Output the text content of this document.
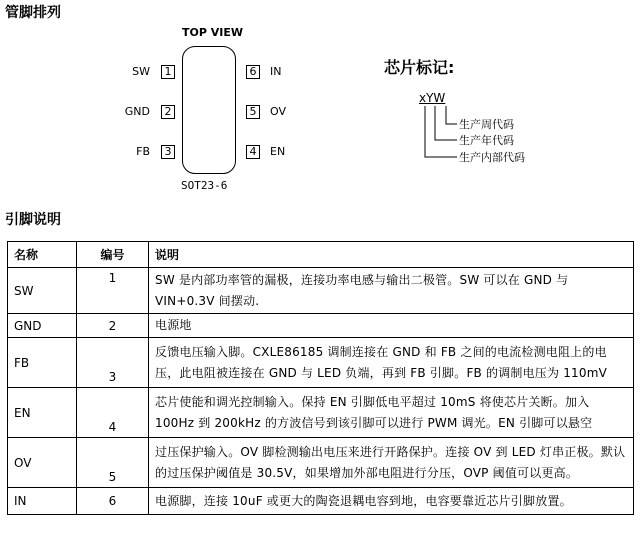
管脚排列
TOP VIEW
SW	1
GND	2
FB	3
6	IN
5	OV
4	EN
SOT23-6
芯片标记:
xYW
生产周代码
生产年代码
生产内部代码
引脚说明
名称	编号	说明
SW	1	SW 是内部功率管的漏极，连接功率电感与输出二极管。SW 可以在 GND 与 VIN+0.3V 间摆动.
GND	2	电源地
FB	3	反馈电压输入脚。CXLE86185 调制连接在 GND 和 FB 之间的电流检测电阻上的电压，此电阻被连接在 GND 与 LED 负端，再到 FB 引脚。FB 的调制电压为 110mV
EN	4	芯片使能和调光控制输入。保持 EN 引脚低电平超过 10mS 将使芯片关断。加入 100Hz 到 200kHz 的方波信号到该引脚可以进行 PWM 调光。EN 引脚可以悬空
OV	5	过压保护输入。OV 脚检测输出电压来进行开路保护。连接 OV 到 LED 灯串正极。默认的过压保护阈值是 30.5V，如果增加外部电阻进行分压，OVP 阈值可以更高。
IN	6	电源脚，连接 10uF 或更大的陶瓷退耦电容到地，电容要靠近芯片引脚放置。
